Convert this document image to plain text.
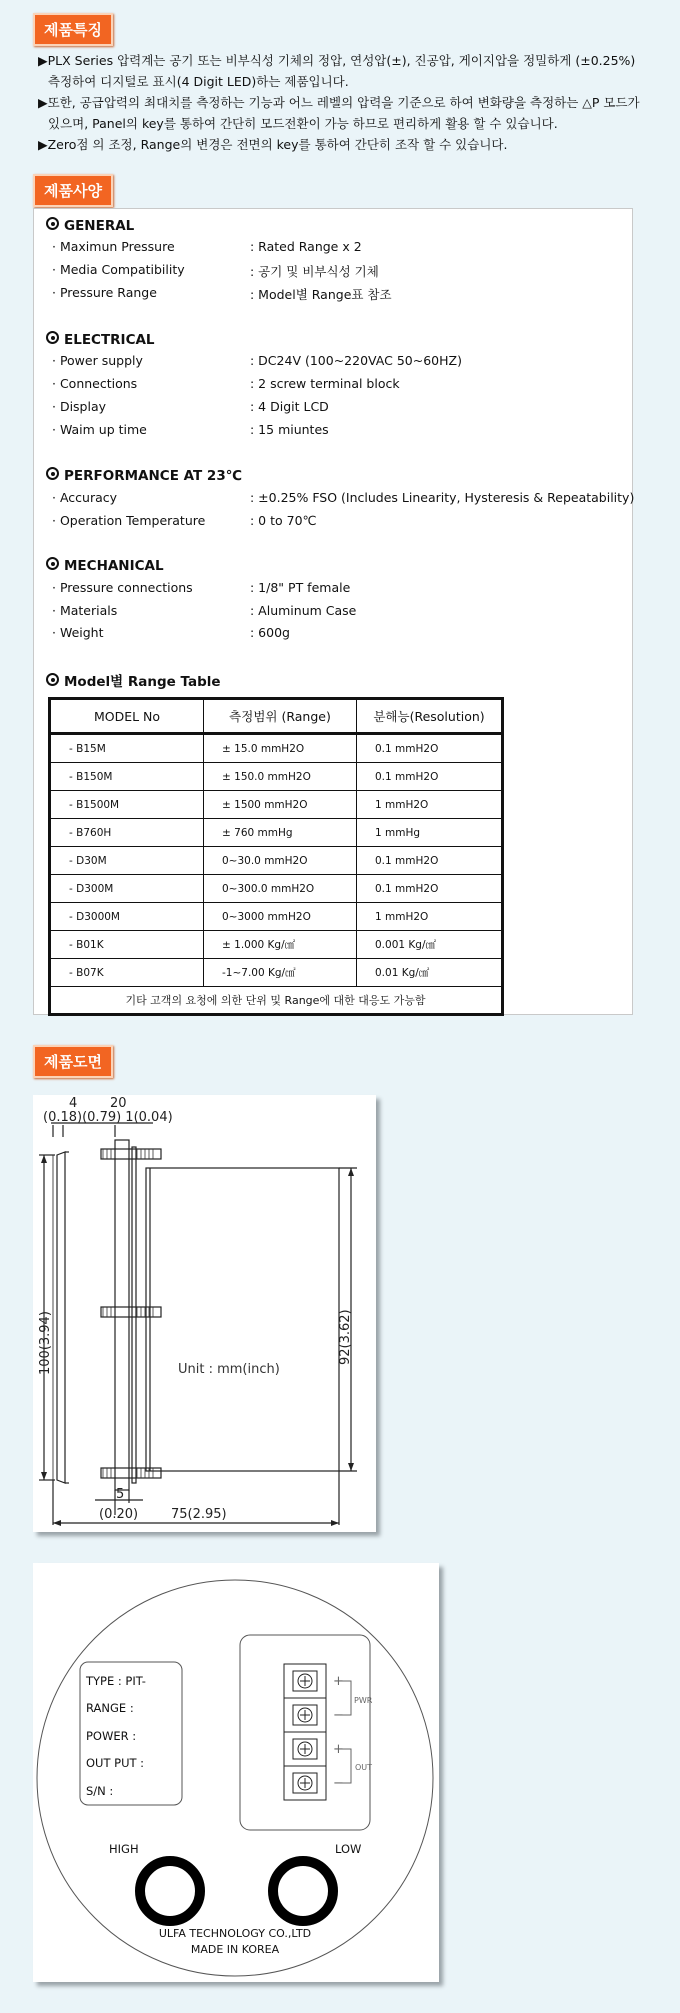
제품특징

▶PLX Series 압력계는 공기 또는 비부식성 기체의 정압, 연성압(±), 진공압, 게이지압을 정밀하게 (±0.25%)

측정하여 디지털로 표시(4 Digit LED)하는 제품입니다.

▶또한, 공급압력의 최대치를 측정하는 기능과 어느 레벨의 압력을 기준으로 하여 변화량을 측정하는 △P 모드가

있으며, Panel의 key를 통하여 간단히 모드전환이 가능 하므로 편리하게 활용 할 수 있습니다.

▶Zero점 의 조정, Range의 변경은 전면의 key를 통하여 간단히 조작 할 수 있습니다.

제품사양
GENERAL
· Maximun Pressure	: Rated Range x 2
· Media Compatibility	: 공기 및 비부식성 기체
· Pressure Range	: Model별 Range표 참조
ELECTRICAL
· Power supply	: DC24V (100~220VAC 50~60HZ)
· Connections	: 2 screw terminal block
· Display	: 4 Digit LCD
· Waim up time	: 15 miuntes
PERFORMANCE AT 23℃
· Accuracy	: ±0.25% FSO (Includes Linearity, Hysteresis & Repeatability)
· Operation Temperature	: 0 to 70℃
MECHANICAL
· Pressure connections	: 1/8" PT female
· Materials	: Aluminum Case
· Weight	: 600g
Model별 Range Table
MODEL No	측정범위 (Range)	분해능(Resolution)
- B15M	± 15.0 mmH2O	0.1 mmH2O
- B150M	± 150.0 mmH2O	0.1 mmH2O
- B1500M	± 1500 mmH2O	1 mmH2O
- B760H	± 760 mmHg	1 mmHg
- D30M	0~30.0 mmH2O	0.1 mmH2O
- D300M	0~300.0 mmH2O	0.1 mmH2O
- D3000M	0~3000 mmH2O	1 mmH2O
- B01K	± 1.000 Kg/㎠	0.001 Kg/㎠
- B07K	-1~7.00 Kg/㎠	0.01 Kg/㎠
기타 고객의 요청에 의한 단위 및 Range에 대한 대응도 가능함		
제품도면
4	20
(0.18)(0.79) 1(0.04)
100(3.94)	92(3.62)
Unit : mm(inch)
5
(0.20)	75(2.95)
+
−
+
−
PWR
OUT
TYPE : PIT-
RANGE :
POWER :
OUT PUT :
S/N :
HIGH	LOW
ULFA TECHNOLOGY CO.,LTD
MADE IN KOREA
